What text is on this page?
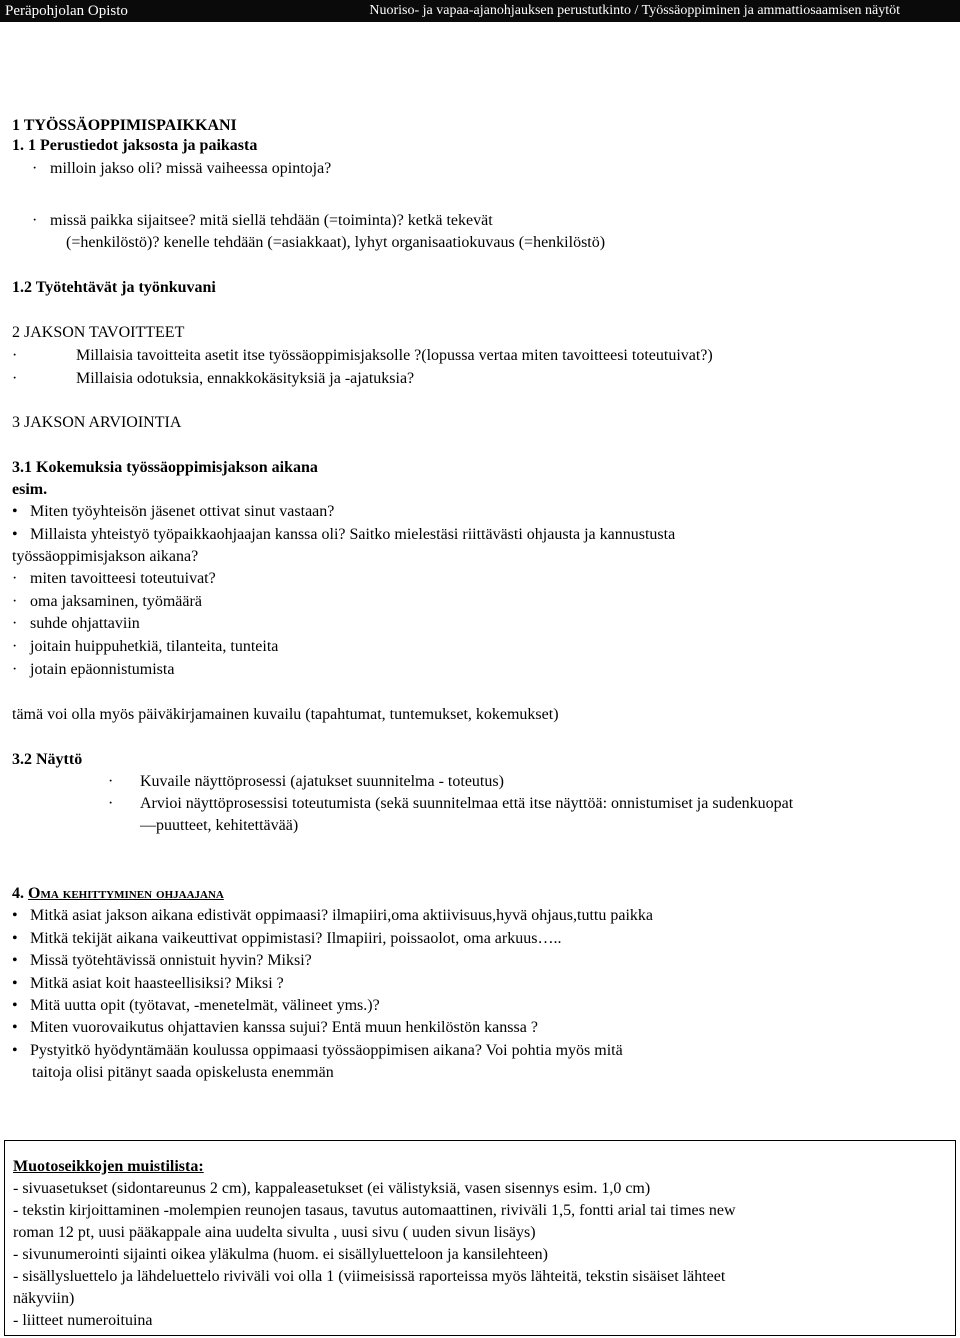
Peräpohjolan Opisto	Nuoriso- ja vapaa-ajanohjauksen perustutkinto / Työssäoppiminen ja ammattiosaamisen näytöt
1 TYÖSSÄOPPIMISPAIKKANI
1. 1 Perustiedot jaksosta ja paikasta
· milloin jakso oli? missä vaiheessa opintoja?
· missä paikka sijaitsee? mitä siellä tehdään (=toiminta)? ketkä tekevät
(=henkilöstö)? kenelle tehdään (=asiakkaat), lyhyt organisaatiokuvaus (=henkilöstö)
1.2 Työtehtävät ja työnkuvani
2 JAKSON TAVOITTEET
·	Millaisia tavoitteita asetit itse työssäoppimisjaksolle ?(lopussa vertaa miten tavoitteesi toteutuivat?)
·	Millaisia odotuksia, ennakkokäsityksiä ja -ajatuksia?
3 JAKSON ARVIOINTIA
3.1 Kokemuksia työssäoppimisjakson aikana
esim.
• Miten työyhteisön jäsenet ottivat sinut vastaan?
• Millaista yhteistyö työpaikkaohjaajan kanssa oli? Saitko mielestäsi riittävästi ohjausta ja kannustusta
työssäoppimisjakson aikana?
· miten tavoitteesi toteutuivat?
· oma jaksaminen, työmäärä
· suhde ohjattaviin
· joitain huippuhetkiä, tilanteita, tunteita
· jotain epäonnistumista
tämä voi olla myös päiväkirjamainen kuvailu (tapahtumat, tuntemukset, kokemukset)
3.2 Näyttö
· Kuvaile näyttöprosessi (ajatukset suunnitelma - toteutus)
· Arvioi näyttöprosessisi toteutumista (sekä suunnitelmaa että itse näyttöä: onnistumiset ja sudenkuopat
—puutteet, kehitettävää)
4. Oma kehittyminen ohjaajana
• Mitkä asiat jakson aikana edistivät oppimaasi? ilmapiiri,oma aktiivisuus,hyvä ohjaus,tuttu paikka
• Mitkä tekijät aikana vaikeuttivat oppimistasi? Ilmapiiri, poissaolot, oma arkuus…..
• Missä työtehtävissä onnistuit hyvin? Miksi?
• Mitkä asiat koit haasteellisiksi? Miksi ?
• Mitä uutta opit (työtavat, -menetelmät, välineet yms.)?
• Miten vuorovaikutus ohjattavien kanssa sujui? Entä muun henkilöstön kanssa ?
• Pystyitkö hyödyntämään koulussa oppimaasi työssäoppimisen aikana? Voi pohtia myös mitä
taitoja olisi pitänyt saada opiskelusta enemmän
Muotoseikkojen muistilista:
- sivuasetukset (sidontareunus 2 cm), kappaleasetukset (ei välistyksiä, vasen sisennys esim. 1,0 cm)
- tekstin kirjoittaminen -molempien reunojen tasaus, tavutus automaattinen, riviväli 1,5, fontti arial tai times new
roman 12 pt, uusi pääkappale aina uudelta sivulta , uusi sivu ( uuden sivun lisäys)
- sivunumerointi sijainti oikea yläkulma (huom. ei sisällyluetteloon ja kansilehteen)
- sisällysluettelo ja lähdeluettelo riviväli voi olla 1 (viimeisissä raporteissa myös lähteitä, tekstin sisäiset lähteet
näkyviin)
- liitteet numeroituina
